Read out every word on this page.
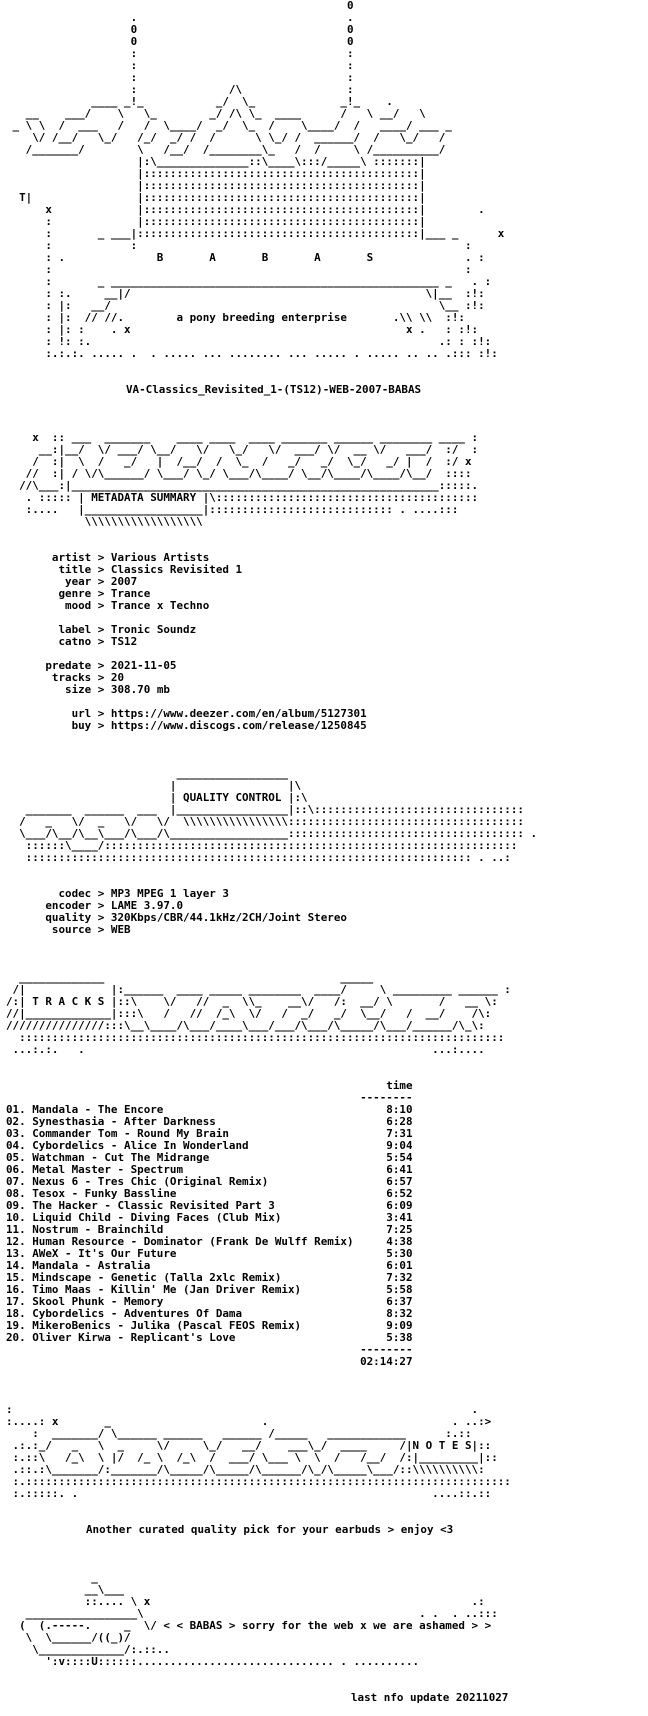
0
.                                .
0                                0
0                                0
:                                :
:                                :
:                                :
:              /\                :
____ _!_           _/  \_             _!_    .
__    ___/    \   \_        _/ /\ \_  ____      /   \ __/   \
_ \ \  /  ___   /   /  \____/  _/  \_  /    \____/  /   ____/ ___ _
\/ /__/   \_/   /_/  _/ /  /      \ \_/ /  ______/  /   \_/   /
/_______/        \   /__/  /________\_   /  /     \ /__________/
|:\______________::\____\:::/_____\ :::::::|
|::::::::::::::::::::::::::::::::::::::::::|
|::::::::::::::::::::::::::::::::::::::::::|
T|                |::::::::::::::::::::::::::::::::::::::::::|
x             |::::::::::::::::::::::::::::::::::::::::::|        .
:             |::::::::::::::::::::::::::::::::::::::::::|
:       _ ___|:::::::::::::::::::::::::::::::::::::::::::|___ _      x
:            :                                                  :
: .              B       A       B       A       S              . :
:                                                               :
:       _ __________________________________________________ _   . :
: :.     __|/                                             \|__  :!:
: |:   __/                                                  \__ :!:
: |:  // //.        a pony breeding enterprise       .\\ \\  :!:
: |: :    . x                                          x .   : :!:
: !: :.                                                     .: : :!:
:.:.:. ..... .  . ..... ... ........ ... ..... . ..... .. .. .::: :!:

VA-Classics_Revisited_1-(TS12)-WEB-2007-BABAS

x  :: ___  _______    ____ ____  ____ _______ ______ ________ ____ :
__:|__/  \/ ___/ \__/   \/   \_/   \/  ___/ \/  __ \/   ___/  :/  :
/  :|  \  /   _/   |  /__/  /  \_  /   _/   _/  \_/   _/ |  /  :/ x
//  :| / \/\______/ \___/ \_/ \___/\____/ \__/\____/\____/\__/  ::::
//\___:|________________________________________________________:::::.
. ::::: | METADATA SUMMARY |\::::::::::::::::::::::::::::::::::::::::
:....   |__________________|:::::::::::::::::::::::::::: . ....:::
\\\\\\\\\\\\\\\\\\

artist > Various Artists
title > Classics Revisited 1
year > 2007
genre > Trance
mood > Trance x Techno

label > Tronic Soundz
catno > TS12

predate > 2021-11-05
tracks > 20
size > 308.70 mb

url > https://www.deezer.com/en/album/5127301
buy > https://www.discogs.com/release/1250845

_________________
|                 |\
| QUALITY CONTROL |:\
_______  ______  ___  |_________________|::\::::::::::::::::::::::::::::::::
/   _   \/  _   \/   \/  \\\\\\\\\\\\\\\\::::::::::::::::::::::::::::::::::::
\___/\__/\__\___/\___/\__________________:::::::::::::::::::::::::::::::::::: .
::::::\____/:::::::::::::::::::::::::::::::::::::::::::::::::::::::::::::::
:::::::::::::::::::::::::::::::::::::::::::::::::::::::::::::::::::: . ..:

codec > MP3 MPEG 1 layer 3
encoder > LAME 3.97.0
quality > 320Kbps/CBR/44.1kHz/2CH/Joint Stereo
source > WEB

_____________                                    _____
/|             |:______  ____ _____ ________  ____/     \ _________ ______ :
/:| T R A C K S |::\    \/   //  _  \\_    __\/   /:  __/ \       /   __ \:
//|_____________|:::\   /   //  /_\  \/   /  _/   _/  \__/   /  __/    /\:
///////////////:::\__\____/\___/____\___/___/\___/\_____/\___/______/\_\:
::::::::::::::::::::::::::::::::::::::::::::::::::::::::::::::::::::::::::
...:.:.   .                                                     ...:....

time
--------
01. Mandala - The Encore                                  8:10
02. Synesthasia - After Darkness                          6:28
03. Commander Tom - Round My Brain                        7:31
04. Cybordelics - Alice In Wonderland                     9:04
05. Watchman - Cut The Midrange                           5:54
06. Metal Master - Spectrum                               6:41
07. Nexus 6 - Tres Chic (Original Remix)                  6:57
08. Tesox - Funky Bassline                                6:52
09. The Hacker - Classic Revisited Part 3                 6:09
10. Liquid Child - Diving Faces (Club Mix)                3:41
11. Nostrum - Brainchild                                  7:25
12. Human Resource - Dominator (Frank De Wulff Remix)     4:38
13. AWeX - It's Our Future                                5:30
14. Mandala - Astralia                                    6:01
15. Mindscape - Genetic (Talla 2xlc Remix)                7:32
16. Timo Maas - Killin' Me (Jan Driver Remix)             5:58
17. Skool Phunk - Memory                                  6:37
18. Cybordelics - Adventures Of Dama                      8:32
19. MikeroBenics - Julika (Pascal FEOS Remix)             9:09
20. Oliver Kirwa - Replicant's Love                       5:38
--------
02:14:27

:                                                                      .
:....: x       _                       .                            . ..:>
:  _______/ \______ ______   ______ /_____   ____________      :.::
.:.:_/   _   \  _     \/     \_/   __/    ___\_/  ____     /|N O T E S|::
:.::\   /_\  \ |/  /_ \  /_\  /  ___/ \___ \  \  /   /__/  /:|_________|::
.::.:\_______/:_______/\_____/\_____/\______/\_/\_____\___/::\\\\\\\\\\:
:.::::::::::::::::::::::::::::::::::::::::::::::::::::::::::::::::::::::::::
:.:::::. .                                                      ....::.::

Another curated quality pick for your earbuds > enjoy <3

_
__\___
::.... \ x                                                 .:
_________________\                                          . .  . ..:::
(  (.-----.     _  \/ < < BABAS > sorry for the web x we are ashamed > >
\  \______/((_)/
\_____________/:.::..
':v::::U::::::.............................. . ..........

last nfo update 20211027
